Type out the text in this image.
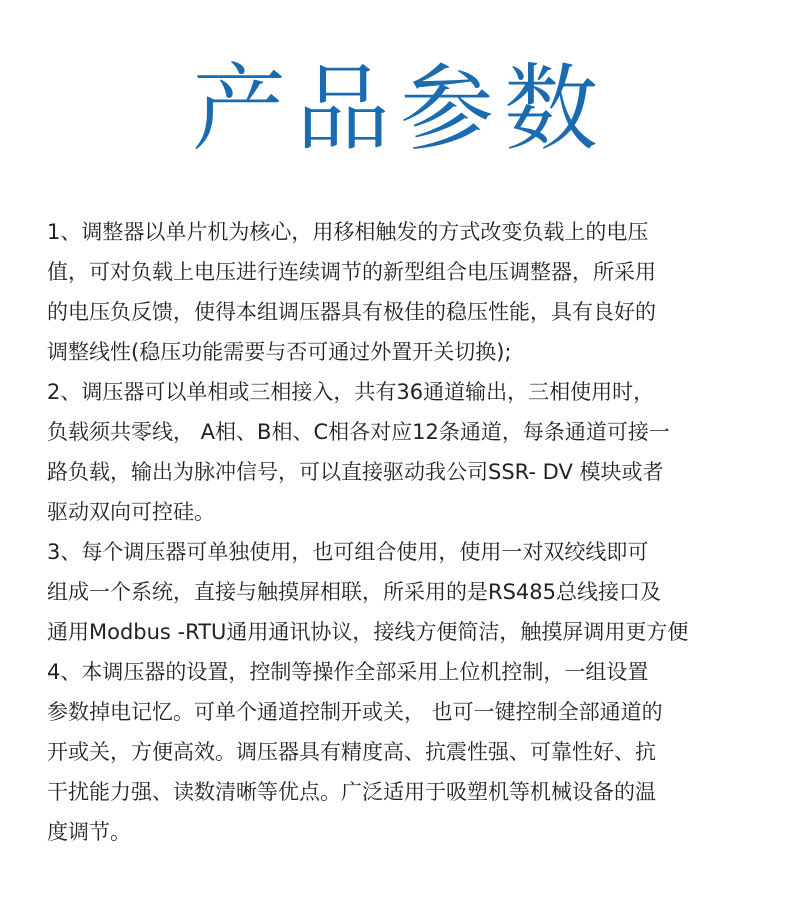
产品参数
1、调整器以单片机为核心，用移相触发的方式改变负载上的电压
值，可对负载上电压进行连续调节的新型组合电压调整器，所采用
的电压负反馈，使得本组调压器具有极佳的稳压性能，具有良好的
调整线性(稳压功能需要与否可通过外置开关切换);
2、调压器可以单相或三相接入，共有36通道输出，三相使用时，
负载须共零线， A相、B相、C相各对应12条通道，每条通道可接一
路负载，输出为脉冲信号，可以直接驱动我公司SSR- DV 模块或者
驱动双向可控硅。
3、每个调压器可单独使用，也可组合使用，使用一对双绞线即可
组成一个系统，直接与触摸屏相联，所采用的是RS485总线接口及
通用Modbus -RTU通用通讯协议，接线方便简洁，触摸屏调用更方便
4、本调压器的设置，控制等操作全部采用上位机控制，一组设置
参数掉电记忆。可单个通道控制开或关， 也可一键控制全部通道的
开或关，方便高效。调压器具有精度高、抗震性强、可靠性好、抗
干扰能力强、读数清晰等优点。广泛适用于吸塑机等机械设备的温
度调节。
